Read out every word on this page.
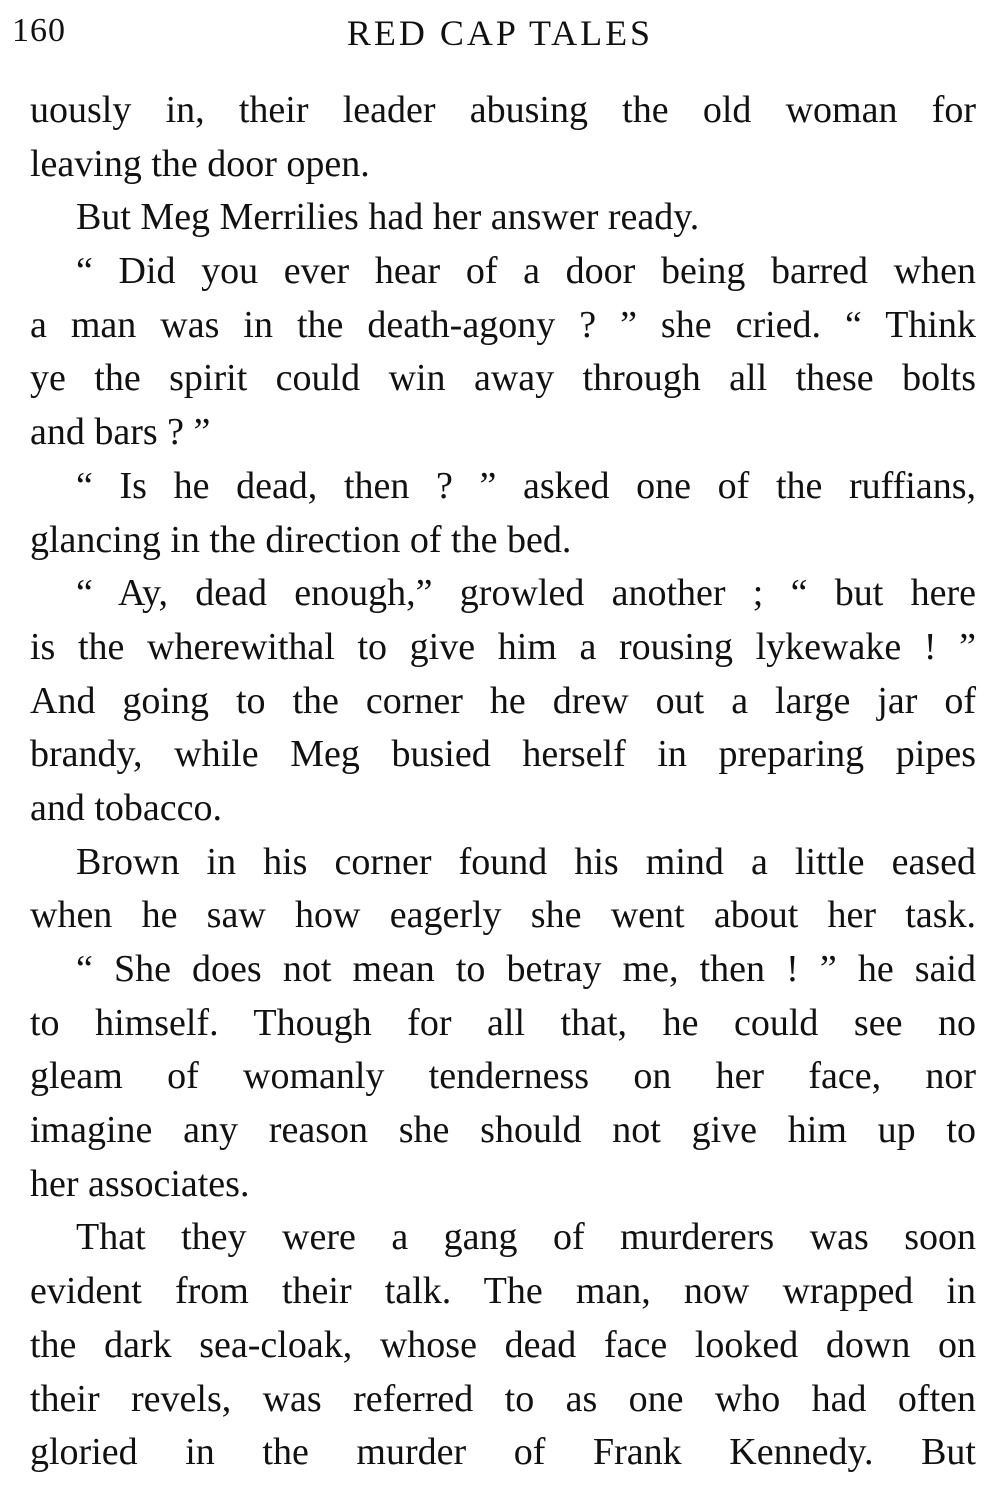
160	RED CAP TALES
uously in, their leader abusing the old woman for
leaving the door open.
But Meg Merrilies had her answer ready.
“ Did you ever hear of a door being barred when
a man was in the death-agony ? ” she cried. “ Think
ye the spirit could win away through all these bolts
and bars ? ”
“ Is he dead, then ? ” asked one of the ruffians,
glancing in the direction of the bed.
“ Ay, dead enough,” growled another ; “ but here
is the wherewithal to give him a rousing lykewake ! ”
And going to the corner he drew out a large jar of
brandy, while Meg busied herself in preparing pipes
and tobacco.
Brown in his corner found his mind a little eased
when he saw how eagerly she went about her task.
“ She does not mean to betray me, then ! ” he said
to himself. Though for all that, he could see no
gleam of womanly tenderness on her face, nor
imagine any reason she should not give him up to
her associates.
That they were a gang of murderers was soon
evident from their talk. The man, now wrapped in
the dark sea-cloak, whose dead face looked down on
their revels, was referred to as one who had often
gloried in the murder of Frank Kennedy. But
